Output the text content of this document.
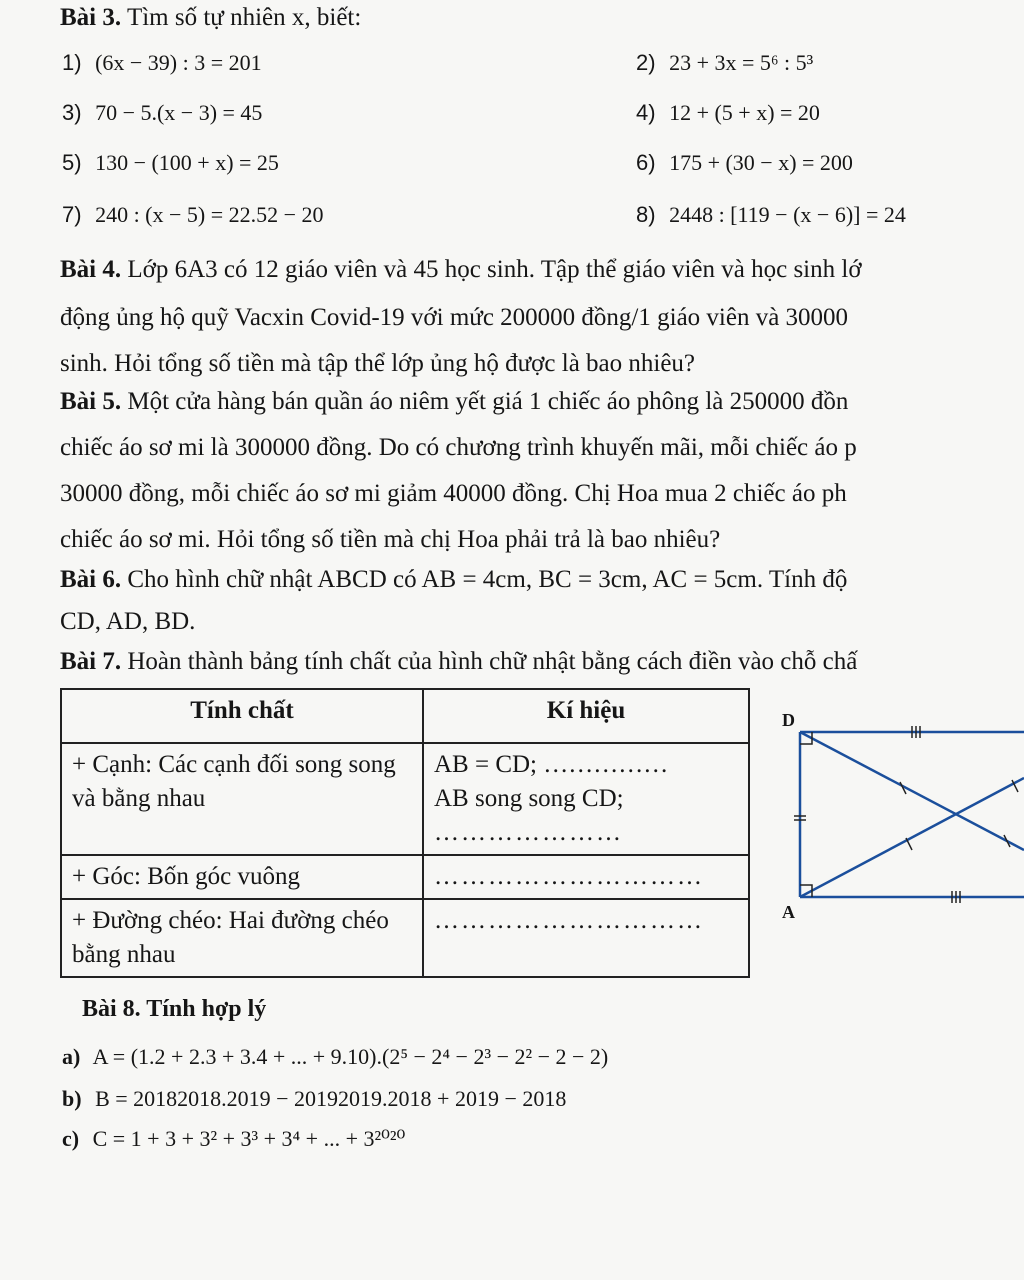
Bài 3. Tìm số tự nhiên x, biết:
1) (6x − 39) : 3 = 201	2) 23 + 3x = 5⁶ : 5³
3) 70 − 5.(x − 3) = 45	4) 12 + (5 + x) = 20
5) 130 − (100 + x) = 25	6) 175 + (30 − x) = 200
7) 240 : (x − 5) = 22.52 − 20	8) 2448 : [119 − (x − 6)] = 24
Bài 4. Lớp 6A3 có 12 giáo viên và 45 học sinh. Tập thể giáo viên và học sinh lớ
động ủng hộ quỹ Vacxin Covid-19 với mức 200000 đồng/1 giáo viên và 30000
sinh. Hỏi tổng số tiền mà tập thể lớp ủng hộ được là bao nhiêu?
Bài 5. Một cửa hàng bán quần áo niêm yết giá 1 chiếc áo phông là 250000 đồn
chiếc áo sơ mi là 300000 đồng. Do có chương trình khuyến mãi, mỗi chiếc áo p
30000 đồng, mỗi chiếc áo sơ mi giảm 40000 đồng. Chị Hoa mua 2 chiếc áo ph
chiếc áo sơ mi. Hỏi tổng số tiền mà chị Hoa phải trả là bao nhiêu?
Bài 6. Cho hình chữ nhật ABCD có AB = 4cm, BC = 3cm, AC = 5cm. Tính độ
CD, AD, BD.
Bài 7. Hoàn thành bảng tính chất của hình chữ nhật bằng cách điền vào chỗ chấ
Tính chất	Kí hiệu
+ Cạnh: Các cạnh đối song song và bằng nhau	AB = CD; ……………
AB song song CD;
…………………

+ Góc: Bốn góc vuông	…………………………
+ Đường chéo: Hai đường chéo bằng nhau	…………………………
D
A
Bài 8. Tính hợp lý
a) A = (1.2 + 2.3 + 3.4 + ... + 9.10).(2⁵ − 2⁴ − 2³ − 2² − 2 − 2)
b) B = 20182018.2019 − 20192019.2018 + 2019 − 2018
c) C = 1 + 3 + 3² + 3³ + 3⁴ + ... + 3²⁰²⁰
